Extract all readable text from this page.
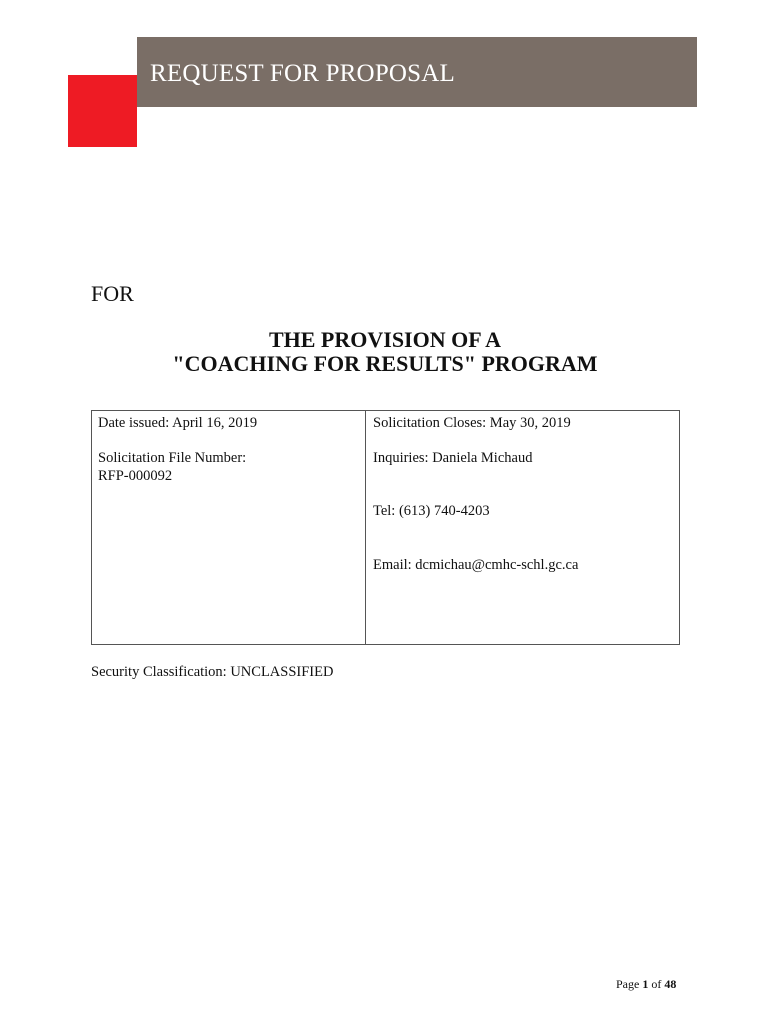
REQUEST FOR PROPOSAL
FOR
THE PROVISION OF A
"COACHING FOR RESULTS" PROGRAM
Date issued: April 16, 2019
Solicitation File Number:
RFP-000092
Solicitation Closes: May 30, 2019
Inquiries: Daniela Michaud
Tel: (613) 740-4203
Email: dcmichau@cmhc-schl.gc.ca
Security Classification: UNCLASSIFIED
Page 1 of 48
